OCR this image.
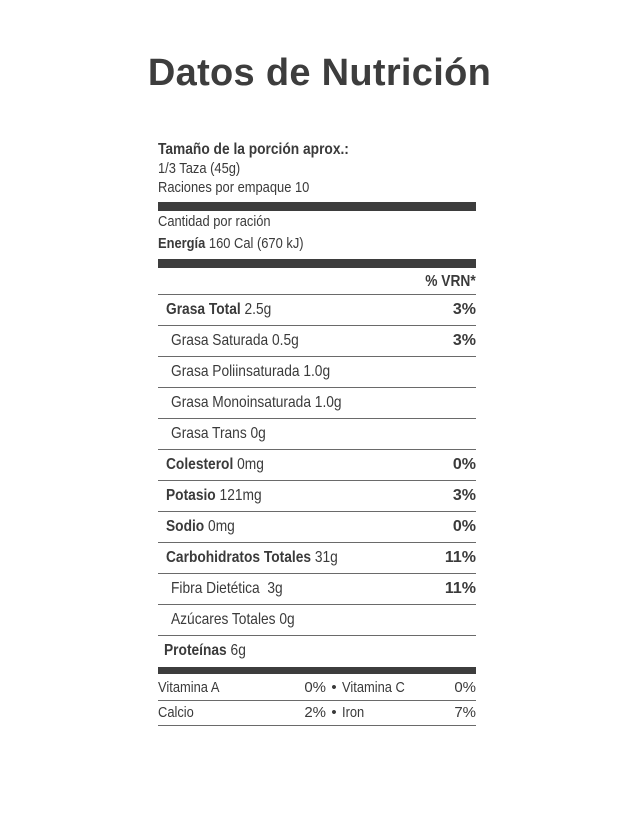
Datos de Nutrición
Tamaño de la porción aprox.:
1/3 Taza (45g)
Raciones por empaque 10
Cantidad por ración
Energía 160 Cal (670 kJ)
% VRN*
Grasa Total 2.5g	3%
Grasa Saturada 0.5g	3%
Grasa Poliinsaturada 1.0g
Grasa Monoinsaturada 1.0g
Grasa Trans 0g
Colesterol 0mg	0%
Potasio 121mg	3%
Sodio 0mg	0%
Carbohidratos Totales 31g	11%
Fibra Dietética  3g	11%
Azúcares Totales 0g
Proteínas 6g
Vitamina A	0% • Vitamina C	0%
Calcio	2% • Iron	7%
